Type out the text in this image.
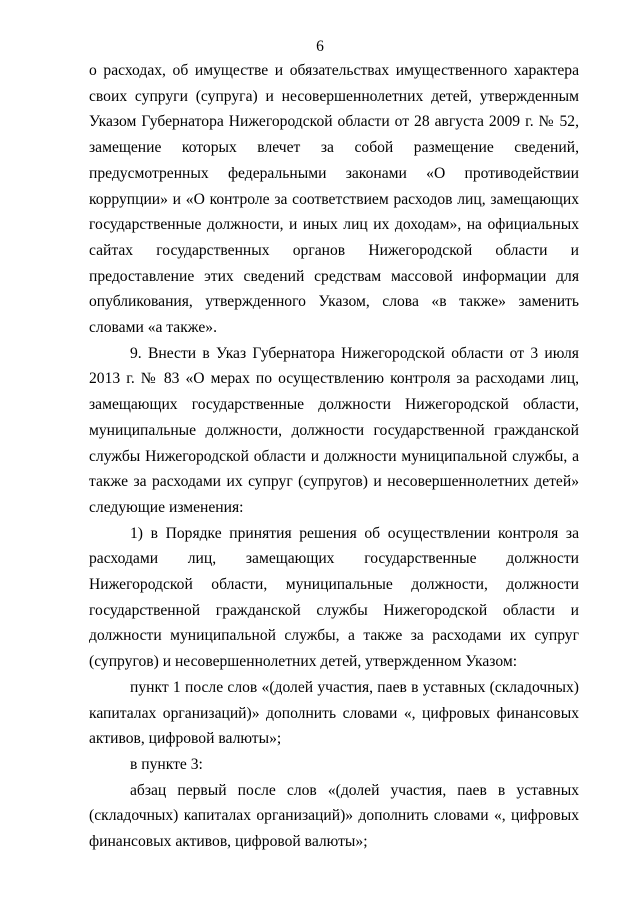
6

о расходах, об имуществе и обязательствах имущественного характера своих супруги (супруга) и несовершеннолетних детей, утвержденным Указом Губернатора Нижегородской области от 28 августа 2009 г. № 52, замещение которых влечет за собой размещение сведений, предусмотренных федеральными законами «О противодействии коррупции» и «О контроле за соответствием расходов лиц, замещающих государственные должности, и иных лиц их доходам», на официальных сайтах государственных органов Нижегородской области и предоставление этих сведений средствам массовой информации для опубликования, утвержденного Указом, слова «в также» заменить словами «а также».

9. Внести в Указ Губернатора Нижегородской области от 3 июля 2013 г. № 83 «О мерах по осуществлению контроля за расходами лиц, замещающих государственные должности Нижегородской области, муниципальные должности, должности государственной гражданской службы Нижегородской области и должности муниципальной службы, а также за расходами их супруг (супругов) и несовершеннолетних детей» следующие изменения:

1) в Порядке принятия решения об осуществлении контроля за расходами лиц, замещающих государственные должности Нижегородской области, муниципальные должности, должности государственной гражданской службы Нижегородской области и должности муниципальной службы, а также за расходами их супруг (супругов) и несовершеннолетних детей, утвержденном Указом:

пункт 1 после слов «(долей участия, паев в уставных (складочных) капиталах организаций)» дополнить словами «, цифровых финансовых активов, цифровой валюты»;

в пункте 3:

абзац первый после слов «(долей участия, паев в уставных (складочных) капиталах организаций)» дополнить словами «, цифровых финансовых активов, цифровой валюты»;
